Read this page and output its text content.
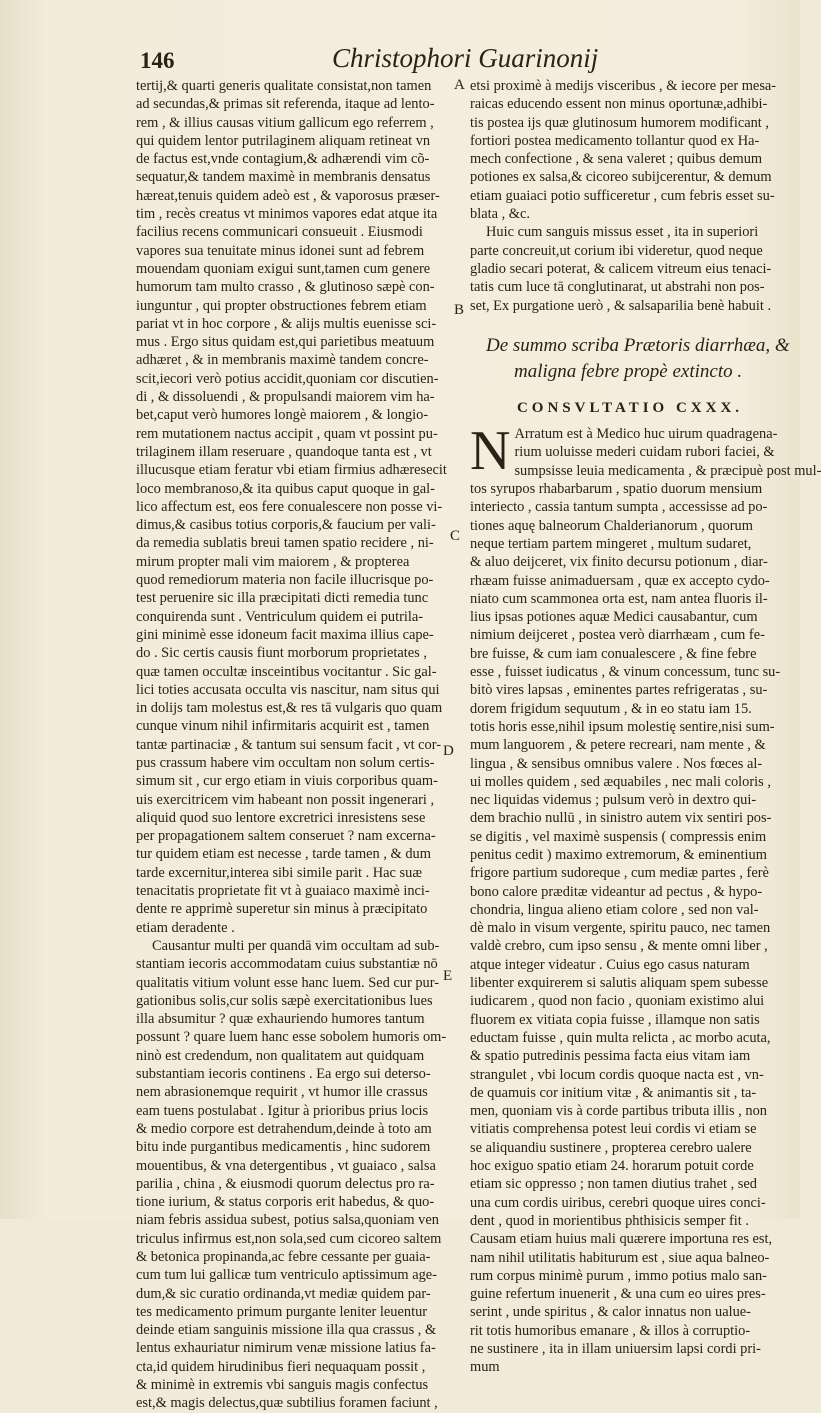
146	Christophori Guarinonij
A
B
C
D
E
tertij,& quarti generis qualitate consistat,non tamen
ad secundas,& primas sit referenda, itaque ad lento-
rem , & illius causas vitium gallicum ego referrem ,
qui quidem lentor putrilaginem aliquam retineat vn
de factus est,vnde contagium,& adhærendi vim cõ-
sequatur,& tandem maximè in membranis densatus
hæreat,tenuis quidem adeò est , & vaporosus præser-
tim , recès creatus vt minimos vapores edat atque ita
facilius recens communicari consueuit . Eiusmodi
vapores sua tenuitate minus idonei sunt ad febrem
mouendam quoniam exigui sunt,tamen cum genere
humorum tam multo crasso , & glutinoso sæpè con-
iunguntur , qui propter obstructiones febrem etiam
pariat vt in hoc corpore , & alijs multis euenisse sci-
mus . Ergo situs quidam est,qui parietibus meatuum
adhæret , & in membranis maximè tandem concre-
scit,iecori verò potius accidit,quoniam cor discutien-
di , & dissoluendi , & propulsandi maiorem vim ha-
bet,caput verò humores longè maiorem , & longio-
rem mutationem nactus accipit , quam vt possint pu-
trilaginem illam reseruare , quandoque tanta est , vt
illucusque etiam feratur vbi etiam firmius adhæresecit
loco membranoso,& ita quibus caput quoque in gal-
lico affectum est, eos fere conualescere non posse vi-
dimus,& casibus totius corporis,& faucium per vali-
da remedia sublatis breui tamen spatio recidere , ni-
mirum propter mali vim maiorem , & propterea
quod remediorum materia non facile illucrisque po-
test peruenire sic illa præcipitati dicti remedia tunc
conquirenda sunt . Ventriculum quidem ei putrila-
gini minimè esse idoneum facit maxima illius cape-
do . Sic certis causis fiunt morborum proprietates ,
quæ tamen occultæ insceintibus vocitantur . Sic gal-
lici toties accusata occulta vis nascitur, nam situs qui
in dolijs tam molestus est,& res tā vulgaris quo quam
cunque vinum nihil infirmitaris acquirit est , tamen
tantæ partinaciæ , & tantum sui sensum facit , vt cor-
pus crassum habere vim occultam non solum certis-
simum sit , cur ergo etiam in viuis corporibus quam-
uis exercitricem vim habeant non possit ingenerari ,
aliquid quod suo lentore excretrici inresistens sese
per propagationem saltem conseruet ? nam excerna-
tur quidem etiam est necesse , tarde tamen , & dum
tarde excernitur,interea sibi simile parit . Hac suæ
tenacitatis proprietate fit vt à guaiaco maximè inci-
dente re apprimè superetur sin minus à præcipitato
etiam deradente .
Causantur multi per quandā vim occultam ad sub-
stantiam iecoris accommodatam cuius substantiæ nō
qualitatis vitium volunt esse hanc luem. Sed cur pur-
gationibus solis,cur solis sæpè exercitationibus lues
illa absumitur ? quæ exhauriendo humores tantum
possunt ? quare luem hanc esse sobolem humoris om-
ninò est credendum, non qualitatem aut quidquam
substantiam iecoris continens . Ea ergo sui deterso-
nem abrasionemque requirit , vt humor ille crassus
eam tuens postulabat . Igitur à prioribus prius locis
& medio corpore est detrahendum,deinde à toto am
bitu inde purgantibus medicamentis , hinc sudorem
mouentibus, & vna detergentibus , vt guaiaco , salsa
parilia , china , & eiusmodi quorum delectus pro ra-
tione iurium, & status corporis erit habedus, & quo-
niam febris assidua subest, potius salsa,quoniam ven
triculus infirmus est,non sola,sed cum cicoreo saltem
& betonica propinanda,ac febre cessante per guaia-
cum tum lui gallicæ tum ventriculo aptissimum age-
dum,& sic curatio ordinanda,vt mediæ quidem par-
tes medicamento primum purgante leniter leuentur
deinde etiam sanguinis missione illa qua crassus , &
lentus exhauriatur nimirum venæ missione latius fa-
cta,id quidem hirudinibus fieri nequaquam possit ,
& minimè in extremis vbi sanguis magis confectus
est,& magis delectus,quæ subtilius foramen faciunt ,
etsi proximè à medijs visceribus , & iecore per mesa-
raicas educendo essent non minus oportunæ,adhibi-
tis postea ijs quæ glutinosum humorem modificant ,
fortiori postea medicamento tollantur quod ex Ha-
mech confectione , & sena valeret ; quibus demum
potiones ex salsa,& cicoreo subijcerentur, & demum
etiam guaiaci potio sufficeretur , cum febris esset su-
blata , &c.
Huic cum sanguis missus esset , ita in superiori
parte concreuit,ut corium ibi videretur, quod neque
gladio secari poterat, & calicem vitreum eius tenaci-
tatis cum luce tā conglutinarat, ut abstrahi non pos-
set, Ex purgatione uerò , & salsaparilia benè habuit .
De summo scriba Prætoris diarrhæa, &
maligna febre propè extincto .
CONSVLTATIO CXXX.
N Arratum est à Medico huc uirum quadragena-
rium uoluisse mederi cuidam rubori faciei, &
sumpsisse leuia medicamenta , & præcipuè post mul-
tos syrupos rhabarbarum , spatio duorum mensium
interiecto , cassia tantum sumpta , accessisse ad po-
tiones aquę balneorum Chalderianorum , quorum
neque tertiam partem mingeret , multum sudaret,
& aluo deijceret, vix finito decursu potionum , diar-
rhæam fuisse animaduersam , quæ ex accepto cydo-
niato cum scammonea orta est, nam antea fluoris il-
lius ipsas potiones aquæ Medici causabantur, cum
nimium deijceret , postea verò diarrhæam , cum fe-
bre fuisse, & cum iam conualescere , & fine febre
esse , fuisset iudicatus , & vinum concessum, tunc su-
bitò vires lapsas , eminentes partes refrigeratas , su-
dorem frigidum sequutum , & in eo statu iam 15.
totis horis esse,nihil ipsum molestię sentire,nisi sum-
mum languorem , & petere recreari, nam mente , &
lingua , & sensibus omnibus valere . Nos fœces al-
ui molles quidem , sed æquabiles , nec mali coloris ,
nec liquidas videmus ; pulsum verò in dextro qui-
dem brachio nullū , in sinistro autem vix sentiri pos-
se digitis , vel maximè suspensis ( compressis enim
penitus cedit ) maximo extremorum, & eminentium
frigore partium sudoreque , cum mediæ partes , ferè
bono calore præditæ videantur ad pectus , & hypo-
chondria, lingua alieno etiam colore , sed non val-
dè malo in visum vergente, spiritu pauco, nec tamen
valdè crebro, cum ipso sensu , & mente omni liber ,
atque integer videatur . Cuius ego casus naturam
libenter exquirerem si salutis aliquam spem subesse
iudicarem , quod non facio , quoniam existimo alui
fluorem ex vitiata copia fuisse , illamque non satis
eductam fuisse , quin multa relicta , ac morbo acuta,
& spatio putredinis pessima facta eius vitam iam
strangulet , vbi locum cordis quoque nacta est , vn-
de quamuis cor initium vitæ , & animantis sit , ta-
men, quoniam vis à corde partibus tributa illis , non
vitiatis comprehensa potest leui cordis vi etiam se
se aliquandiu sustinere , propterea cerebro ualere
hoc exiguo spatio etiam 24. horarum potuit corde
etiam sic oppresso ; non tamen diutius trahet , sed
una cum cordis uiribus, cerebri quoque uires conci-
dent , quod in morientibus phthisicis semper fit .
Causam etiam huius mali quærere importuna res est,
nam nihil utilitatis habiturum est , siue aqua balneo-
rum corpus minimè purum , immo potius malo san-
guine refertum inuenerit , & una cum eo uires pres-
serint , unde spiritus , & calor innatus non ualue-
rit totis humoribus emanare , & illos à corruptio-
ne sustinere , ita in illam uniuersim lapsi cordi pri-
mum
